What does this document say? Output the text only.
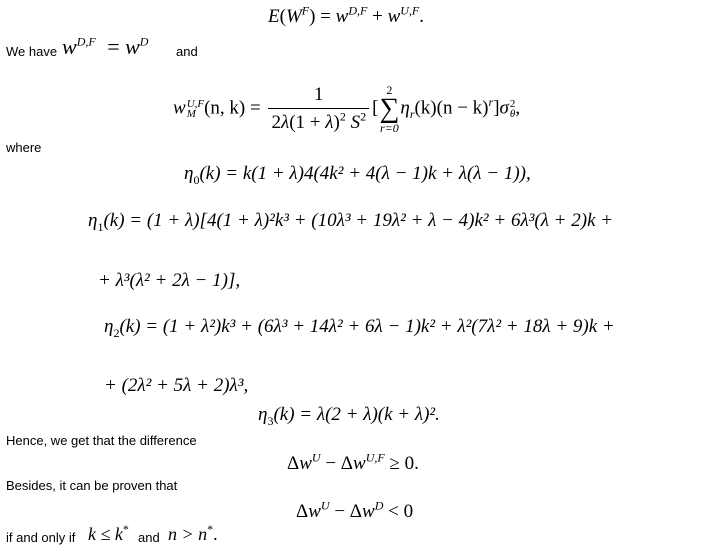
$E(W^F) = w^{D,F} + w^{U,F}$.
We have $w^{D,F} = w^D$
and
w U,F
M (n, $k) = \frac{1}{2\lambda(1 + \lambda)^2 S^2} [2$
∑
$r=0\eta_r(k)(n - k)^r]\sigma$ 2
θ ,
where
$\eta_0(k) = k(1 + \lambda)4(4k^2 + 4(\lambda - 1)k + \lambda(\lambda - 1))$,
$\eta_1(k) = (1 + \lambda)[4(1 + \lambda)^2k^3 + (10\lambda^3 + 19\lambda^2 + \lambda - 4)k^2 + 6\lambda^3(\lambda + 2)k$ +
+ λ³(λ² + 2λ − 1)],
$\eta_2(k) = (1 + \lambda^2)k^3 + (6\lambda^3 + 14\lambda^2 + 6\lambda - 1)k^2 + \lambda^2(7\lambda^2 + 18\lambda + 9)k$ +
+ (2λ² + 5λ + 2)λ³,
$\eta_3(k) = \lambda(2 + \lambda)(k + \lambda)^2$.
Hence, we get that the difference
$\Delta w^U - \Delta w^{U,F} \ge 0$.
Besides, it can be proven that
$\Delta w^U - \Delta w^D < 0$
if and only if k ≤ k*
and n > n*.
